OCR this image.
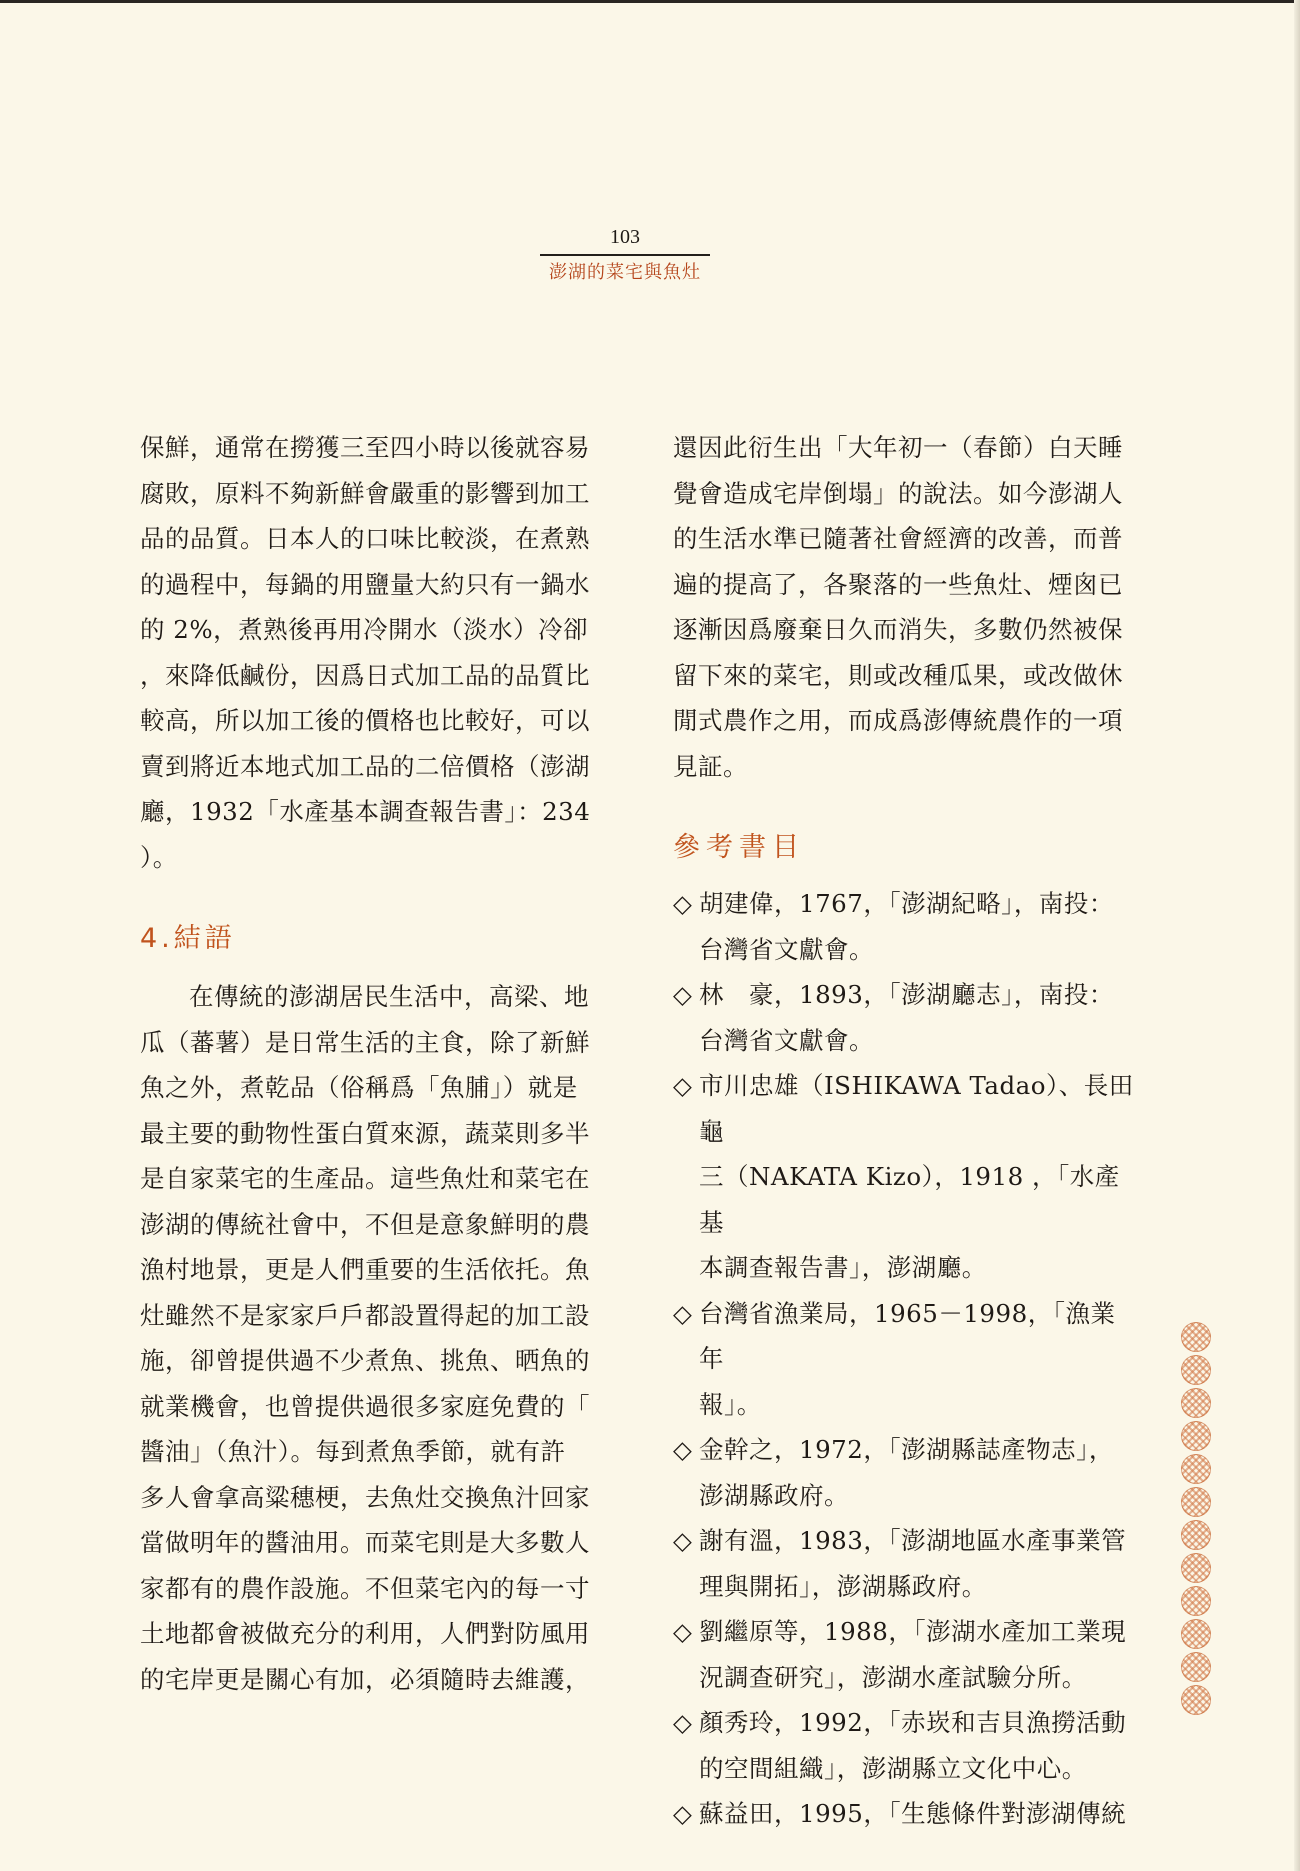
103
澎湖的菜宅與魚灶

保鮮，通常在撈獲三至四小時以後就容易
腐敗，原料不夠新鮮會嚴重的影響到加工
品的品質。日本人的口味比較淡，在煮熟
的過程中，每鍋的用鹽量大約只有一鍋水
的 2%，煮熟後再用冷開水（淡水）冷卻
，來降低鹹份，因爲日式加工品的品質比
較高，所以加工後的價格也比較好，可以
賣到將近本地式加工品的二倍價格（澎湖
廳，1932「水產基本調查報告書」：234
）。

4.結語

在傳統的澎湖居民生活中，高梁、地
瓜（蕃薯）是日常生活的主食，除了新鮮
魚之外，煮乾品（俗稱爲「魚脯」）就是
最主要的動物性蛋白質來源，蔬菜則多半
是自家菜宅的生產品。這些魚灶和菜宅在
澎湖的傳統社會中，不但是意象鮮明的農
漁村地景，更是人們重要的生活依托。魚
灶雖然不是家家戶戶都設置得起的加工設
施，卻曾提供過不少煮魚、挑魚、晒魚的
就業機會，也曾提供過很多家庭免費的「
醬油」（魚汁）。每到煮魚季節，就有許
多人會拿高粱穗梗，去魚灶交換魚汁回家
當做明年的醬油用。而菜宅則是大多數人
家都有的農作設施。不但菜宅內的每一寸
土地都會被做充分的利用，人們對防風用
的宅岸更是關心有加，必須隨時去維護，

還因此衍生出「大年初一（春節）白天睡
覺會造成宅岸倒塌」的說法。如今澎湖人
的生活水準已隨著社會經濟的改善，而普
遍的提高了，各聚落的一些魚灶、煙囪已
逐漸因爲廢棄日久而消失，多數仍然被保
留下來的菜宅，則或改種瓜果，或改做休
閒式農作之用，而成爲澎傳統農作的一項
見証。

參考書目
◇ 胡建偉，1767，「澎湖紀略」，南投：
台灣省文獻會。
◇ 林　豪，1893，「澎湖廳志」，南投：
台灣省文獻會。
◇ 市川忠雄（ISHIKAWA Tadao）、長田龜
三（NAKATA Kizo），1918 ，「水產基
本調查報告書」，澎湖廳。
◇ 台灣省漁業局，1965－1998，「漁業年
報」。
◇ 金幹之，1972，「澎湖縣誌產物志」，
澎湖縣政府。
◇ 謝有溫，1983，「澎湖地區水產事業管
理與開拓」，澎湖縣政府。
◇ 劉繼原等，1988，「澎湖水產加工業現
況調查研究」，澎湖水產試驗分所。
◇ 顏秀玲，1992，「赤崁和吉貝漁撈活動
的空間組織」，澎湖縣立文化中心。
◇ 蘇益田，1995，「生態條件對澎湖傳統
